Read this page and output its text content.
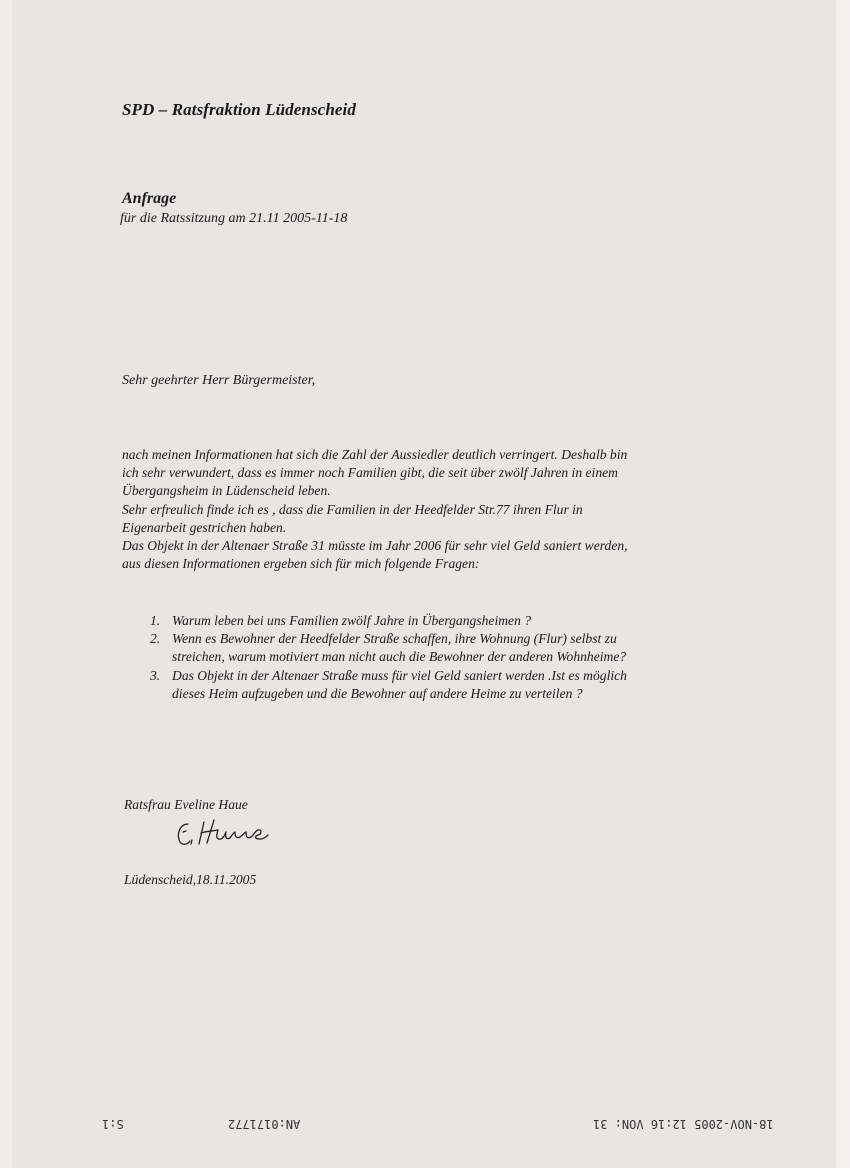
SPD – Ratsfraktion Lüdenscheid
Anfrage
für die Ratssitzung am 21.11 2005-11-18
Sehr geehrter Herr Bürgermeister,
nach meinen Informationen hat sich die Zahl der Aussiedler deutlich verringert. Deshalb bin
ich sehr verwundert, dass es immer noch Familien gibt, die seit über zwölf Jahren in einem
Übergangsheim in Lüdenscheid leben.
Sehr erfreulich finde ich es , dass die Familien in der Heedfelder Str.77 ihren Flur in
Eigenarbeit gestrichen haben.
Das Objekt in der Altenaer Straße 31 müsste im Jahr 2006 für sehr viel Geld saniert werden,
aus diesen Informationen ergeben sich für mich folgende Fragen:
1. Warum leben bei uns Familien zwölf Jahre in Übergangsheimen ?
2. Wenn es Bewohner der Heedfelder Straße schaffen, ihre Wohnung (Flur) selbst zu
streichen, warum motiviert man nicht auch die Bewohner der anderen Wohnheime?
3. Das Objekt in der Altenaer Straße muss für viel Geld saniert werden .Ist es möglich
dieses Heim aufzugeben und die Bewohner auf andere Heime zu verteilen ?
Ratsfrau Eveline Haue
Lüdenscheid,18.11.2005
S:1	AN:0171772	18-NOV-2005 12:16 VON: 31
